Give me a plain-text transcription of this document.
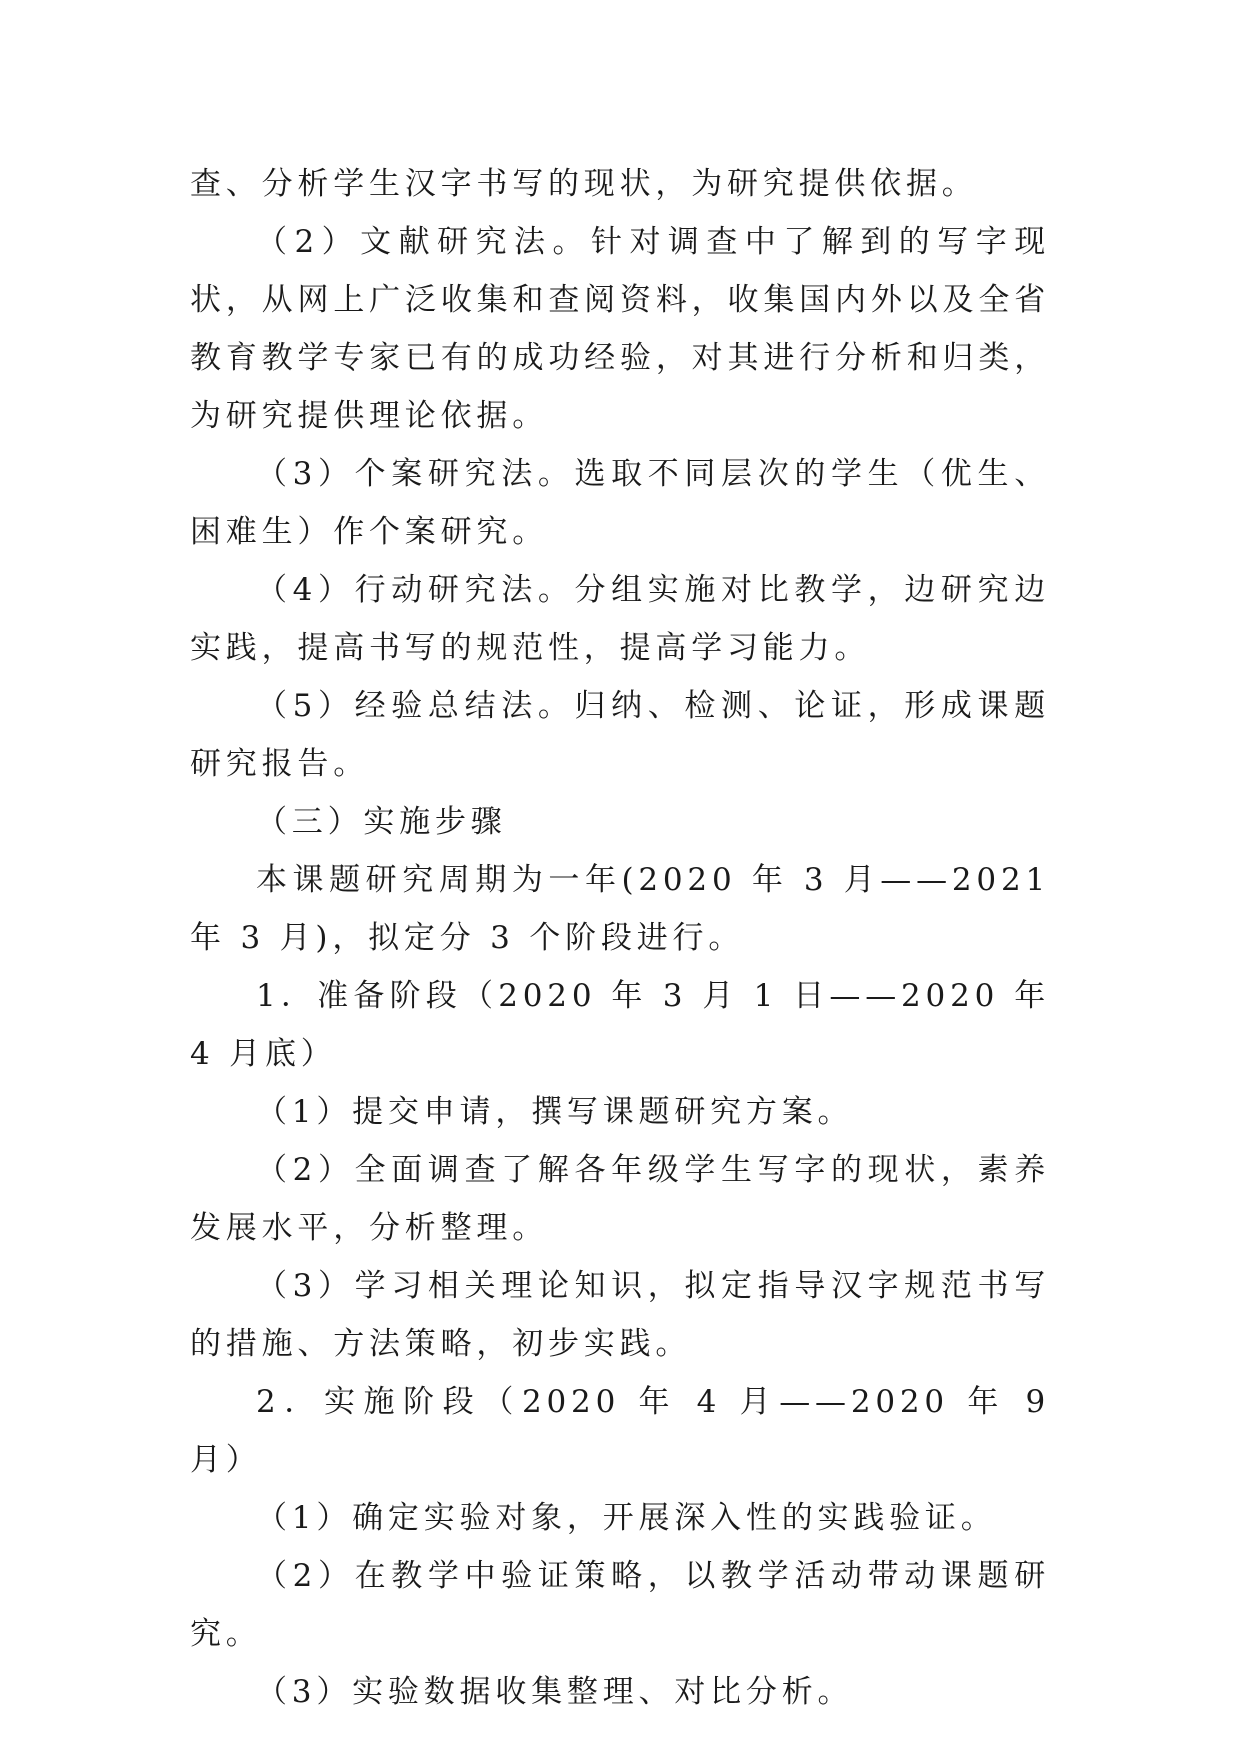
查、分析学生汉字书写的现状，为研究提供依据。

（2）文献研究法。针对调查中了解到的写字现状，从网上广泛收集和查阅资料，收集国内外以及全省教育教学专家已有的成功经验，对其进行分析和归类，为研究提供理论依据。

（3）个案研究法。选取不同层次的学生（优生、困难生）作个案研究。

（4）行动研究法。分组实施对比教学，边研究边实践，提高书写的规范性，提高学习能力。

（5）经验总结法。归纳、检测、论证，形成课题研究报告。

（三）实施步骤

本课题研究周期为一年(2020 年 3 月——2021 年 3 月)，拟定分 3 个阶段进行。

1．准备阶段（2020 年 3 月 1 日——2020 年 4 月底）

（1）提交申请，撰写课题研究方案。

（2）全面调查了解各年级学生写字的现状，素养发展水平，分析整理。

（3）学习相关理论知识，拟定指导汉字规范书写的措施、方法策略，初步实践。

2．实施阶段（2020 年 4 月——2020 年 9 月）

（1）确定实验对象，开展深入性的实践验证。

（2）在教学中验证策略，以教学活动带动课题研究。

（3）实验数据收集整理、对比分析。
